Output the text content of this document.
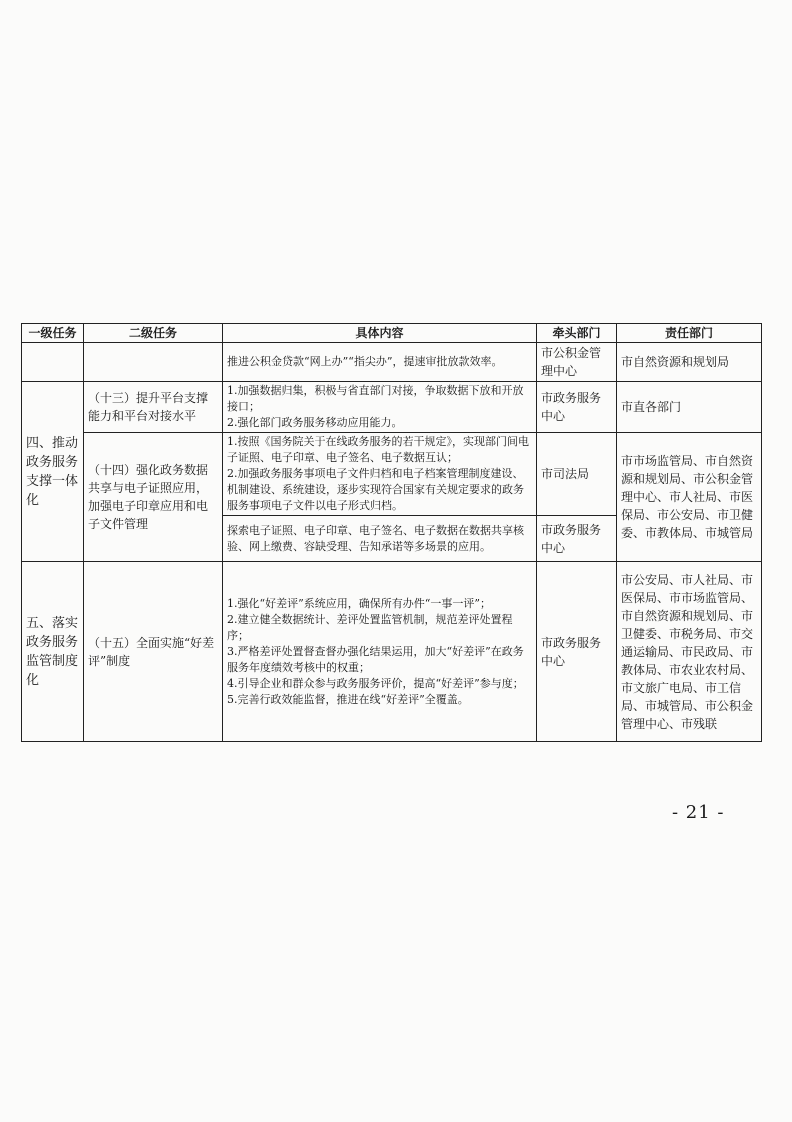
一级任务	二级任务	具体内容	牵头部门	责任部门

		推进公积金贷款“网上办”“指尖办”，提速审批放款效率。	市公积金管理中心	市自然资源和规划局
四、推动政务服务支撑一体化	（十三）提升平台支撑能力和平台对接水平	1.加强数据归集，积极与省直部门对接，争取数据下放和开放接口；
2.强化部门政务服务移动应用能力。	市政务服务中心	市直各部门
	（十四）强化政务数据共享与电子证照应用，加强电子印章应用和电子文件管理	1.按照《国务院关于在线政务服务的若干规定》，实现部门间电子证照、电子印章、电子签名、电子数据互认；
2.加强政务服务事项电子文件归档和电子档案管理制度建设、机制建设、系统建设，逐步实现符合国家有关规定要求的政务服务事项电子文件以电子形式归档。	市司法局	市市场监管局、市自然资源和规划局、市公积金管理中心、市人社局、市医保局、市公安局、市卫健委、市教体局、市城管局

		探索电子证照、电子印章、电子签名、电子数据在数据共享核验、网上缴费、容缺受理、告知承诺等多场景的应用。	市政务服务中心	
五、落实政务服务监管制度化	（十五）全面实施“好差评”制度	1.强化“好差评”系统应用，确保所有办件“一事一评”；
2.建立健全数据统计、差评处置监管机制，规范差评处置程序；
3.严格差评处置督查督办强化结果运用，加大“好差评”在政务服务年度绩效考核中的权重；
4.引导企业和群众参与政务服务评价，提高“好差评”参与度；
5.完善行政效能监督，推进在线“好差评”全覆盖。	市政务服务中心	市公安局、市人社局、市医保局、市市场监管局、市自然资源和规划局、市卫健委、市税务局、市交通运输局、市民政局、市教体局、市农业农村局、市文旅广电局、市工信局、市城管局、市公积金管理中心、市残联
- 21 -
